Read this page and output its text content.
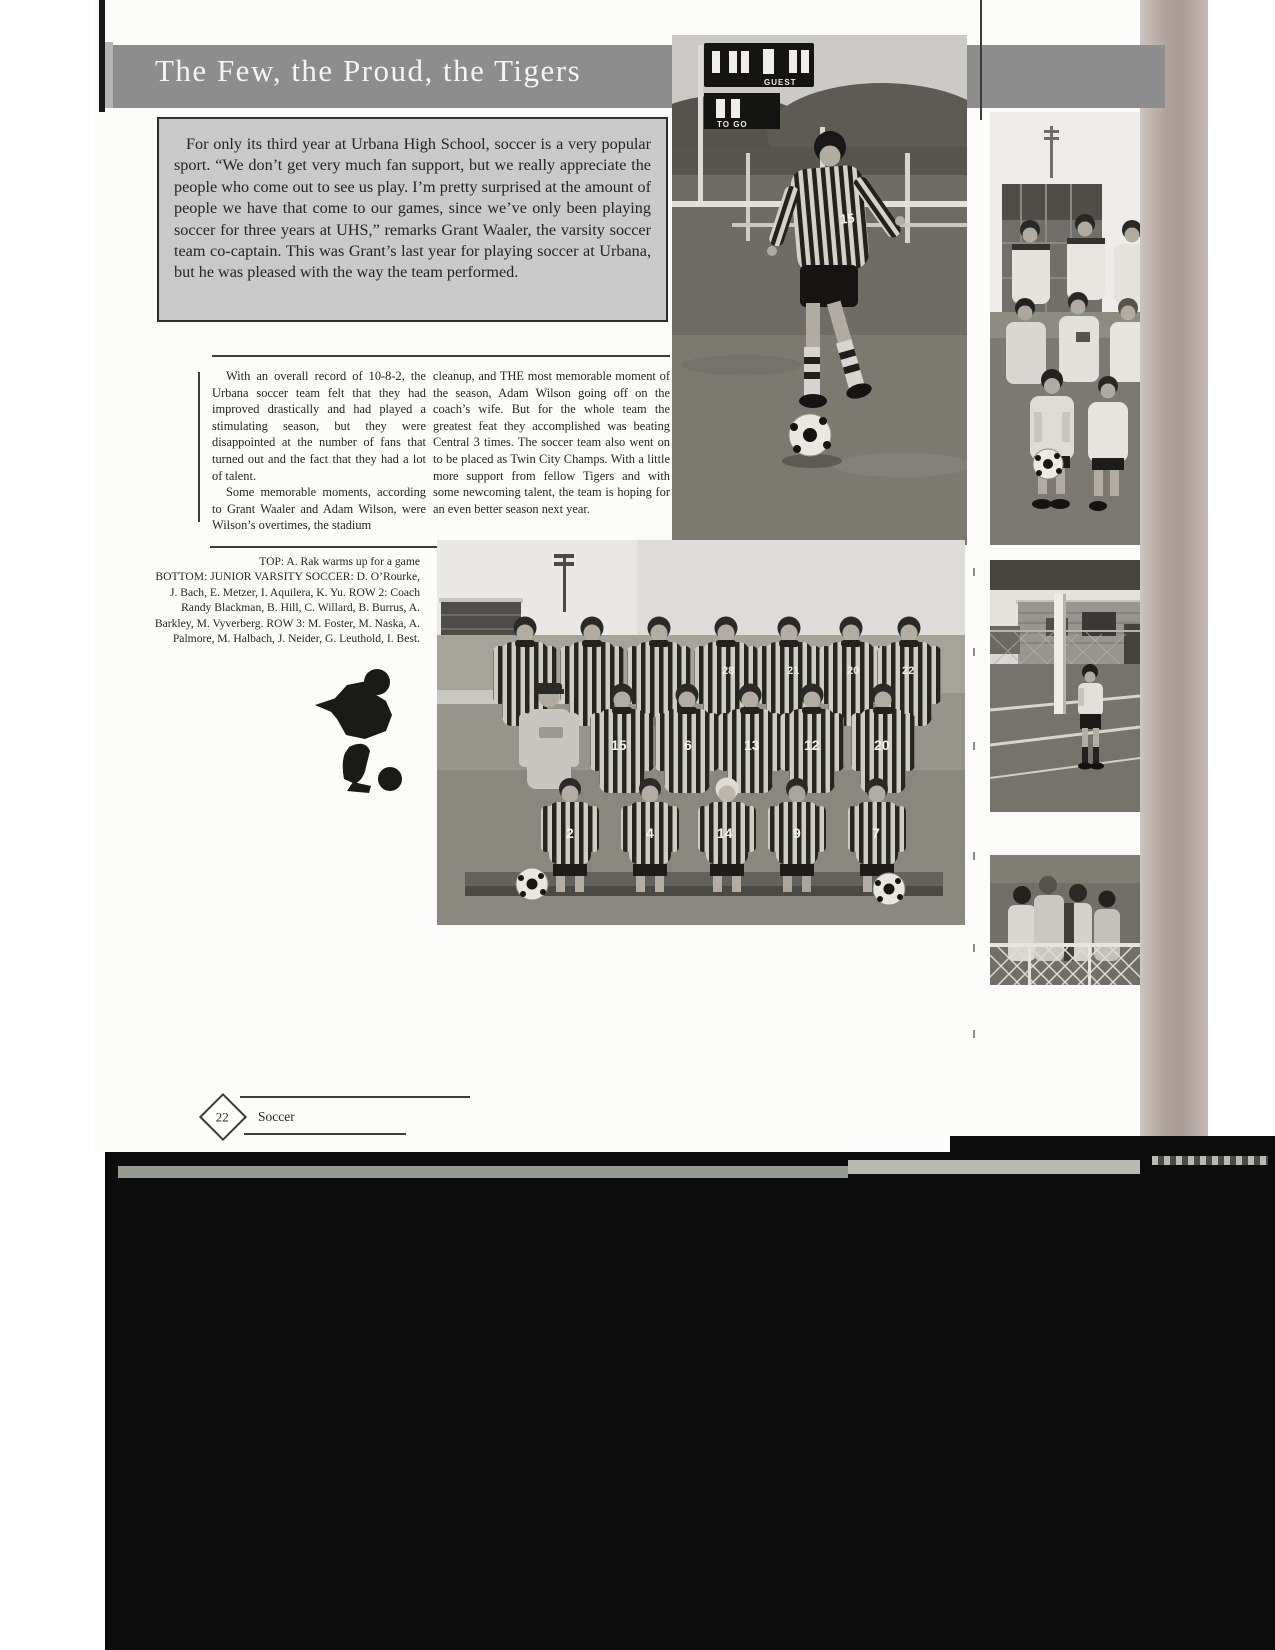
The Few, the Proud, the Tigers
For only its third year at Urbana High School, soccer is a very popular sport. “We don’t get very much fan support, but we really appreciate the people who come out to see us play. I’m pretty surprised at the amount of people we have that come to our games, since we’ve only been playing soccer for three years at UHS,” remarks Grant Waaler, the varsity soccer team co-captain. This was Grant’s last year for playing soccer at Urbana, but he was pleased with the way the team performed.

With an overall record of 10-8-2, the Urbana soccer team felt that they had improved drastically and had played a stimulating season, but they were disappointed at the number of fans that turned out and the fact that they had a lot of talent.

Some memorable moments, according to Grant Waaler and Adam Wilson, were Wilson’s overtimes, the stadium

cleanup, and THE most memorable moment of the season, Adam Wilson going off on the coach’s wife. But for the whole team the greatest feat they accomplished was beating Central 3 times. The soccer team also went on to be placed as Twin City Champs. With a little more support from fellow Tigers and with some newcoming talent, the team is hoping for an even better season next year.

TOP: A. Rak warms up for a game
BOTTOM: JUNIOR VARSITY SOCCER: D. O’Rourke, J. Bach, E. Metzer, I. Aquilera, K. Yu. ROW 2: Coach Randy Blackman, B. Hill, C. Willard, B. Burrus, A. Barkley, M. Vyverberg. ROW 3: M. Foster, M. Naska, A. Palmore, M. Halbach, J. Neider, G. Leuthold, I. Best.
GUEST
TO GO
15
28	21	20	22
15	6	13	12	20
2	4	14	9	7
22	Soccer
